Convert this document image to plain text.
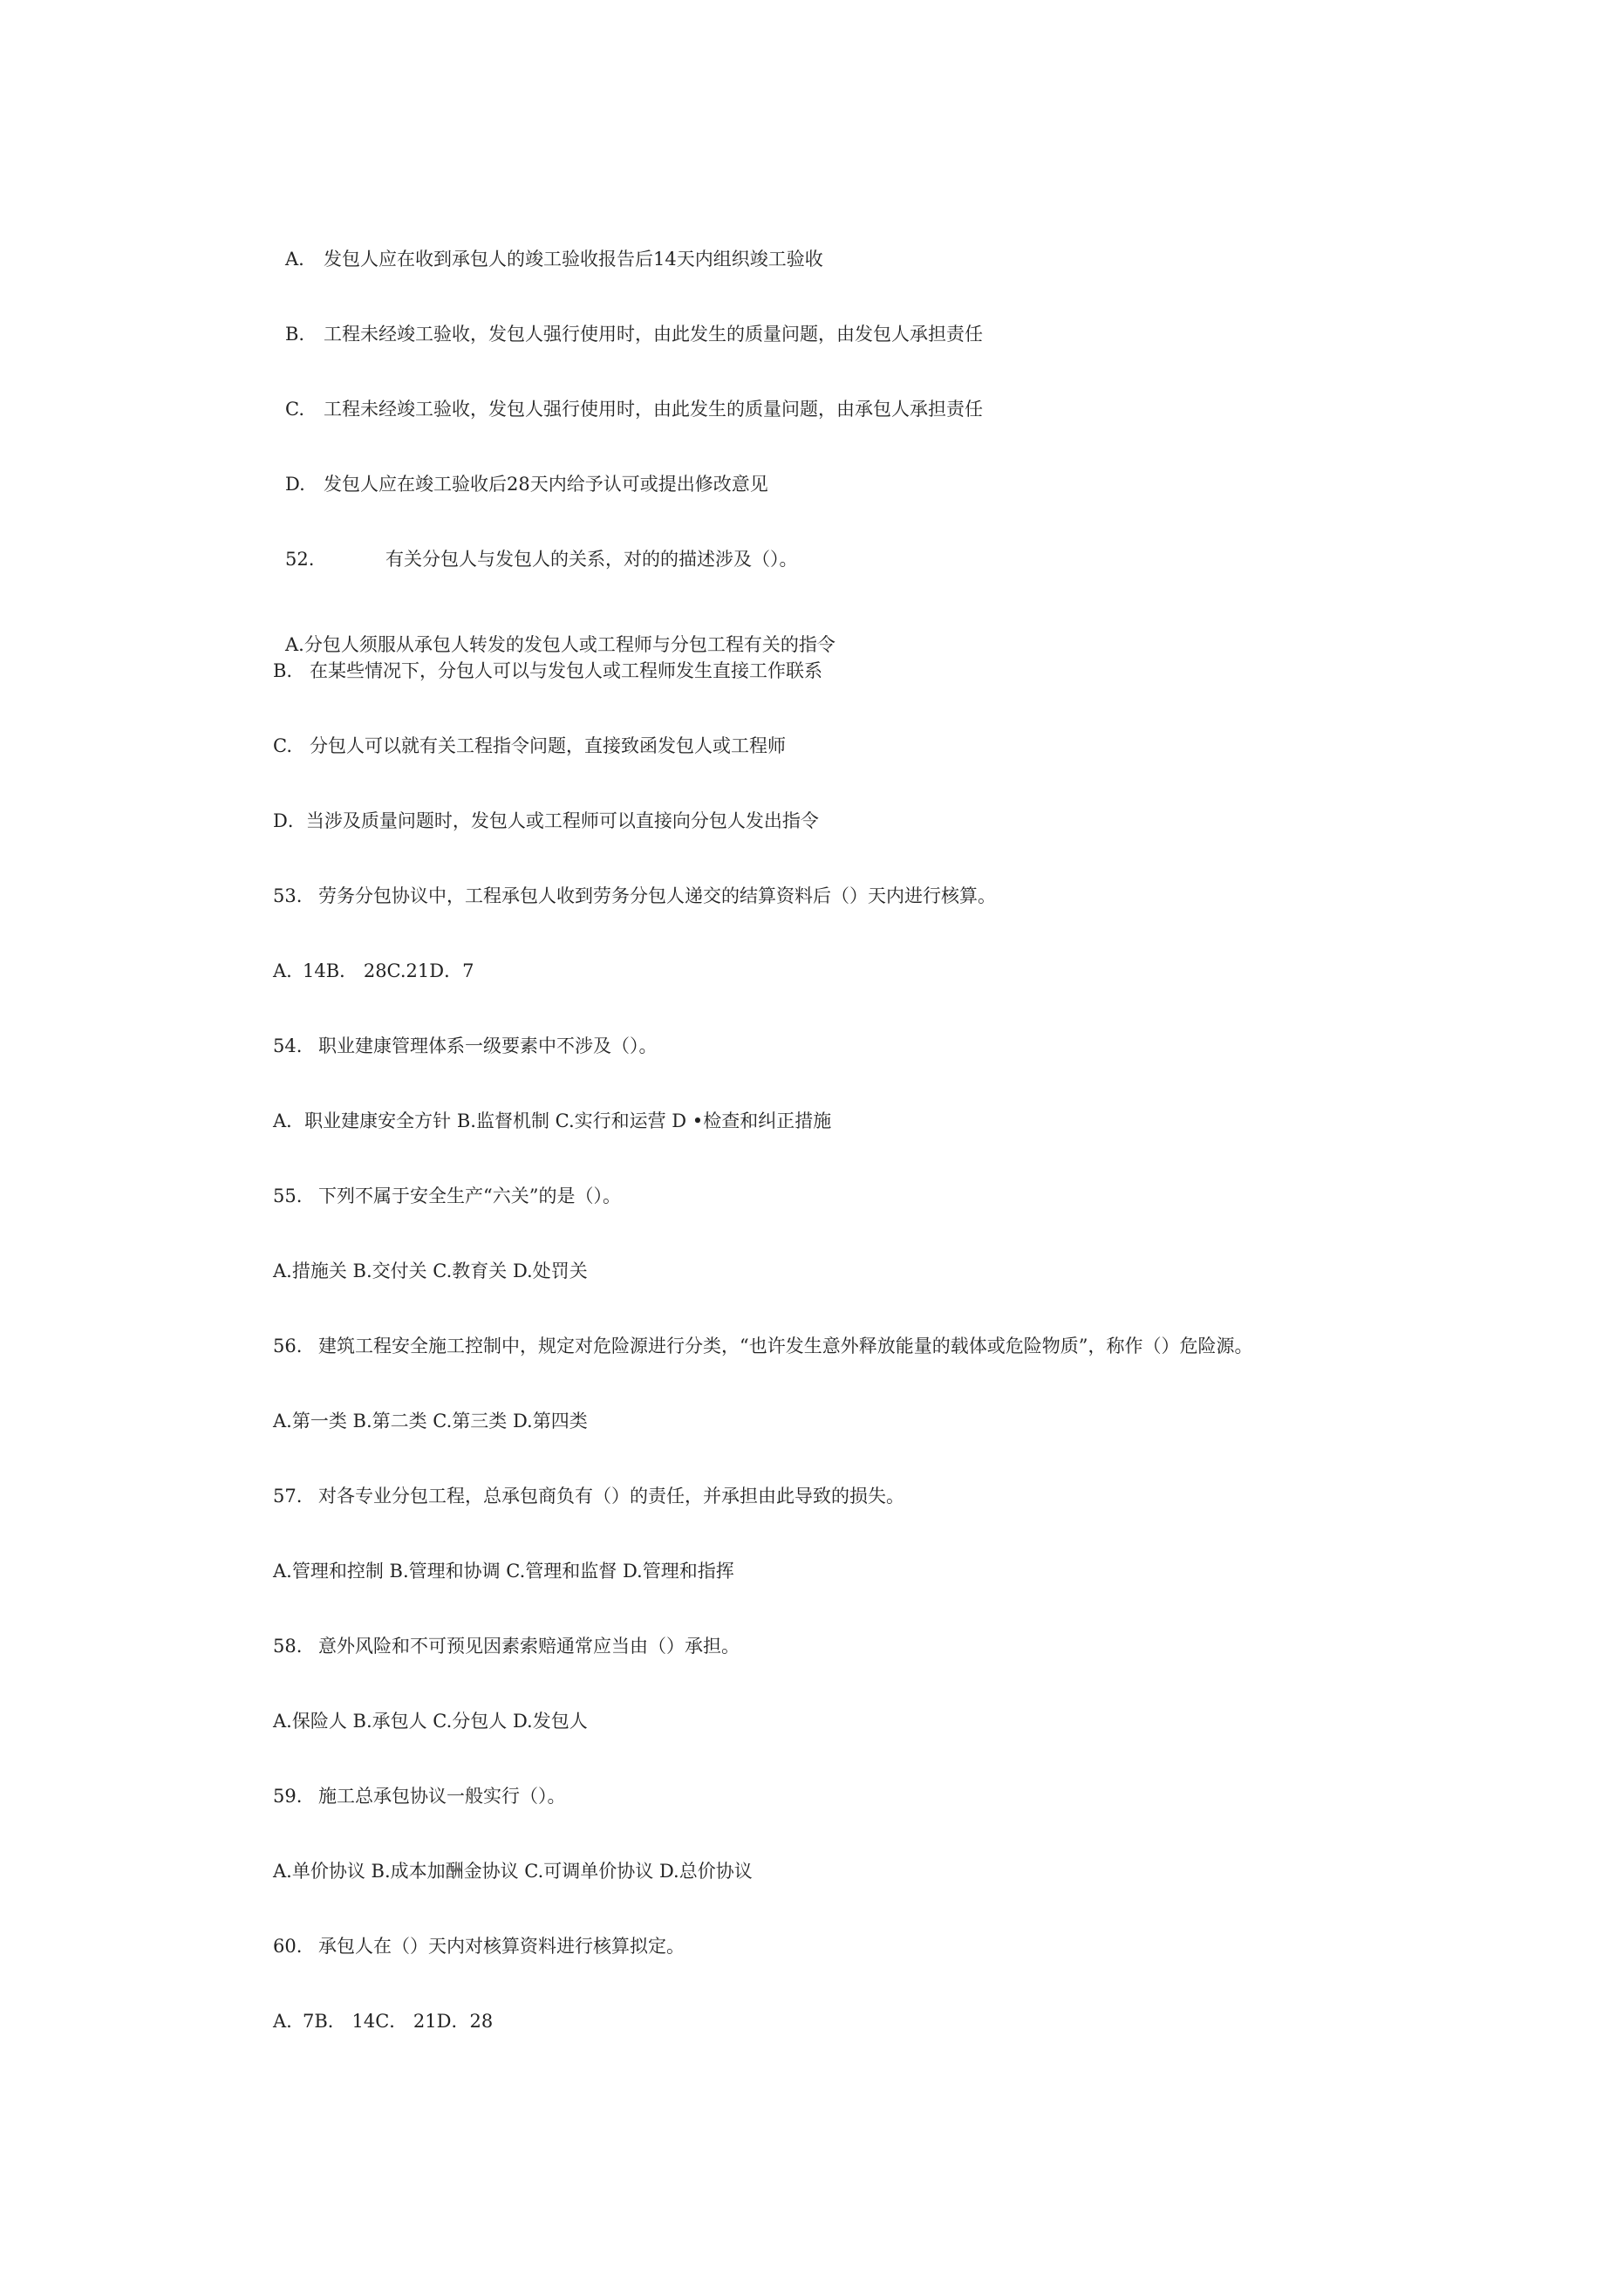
A. 发包人应在收到承包人的竣工验收报告后14天内组织竣工验收
B. 工程未经竣工验收，发包人强行使用时，由此发生的质量问题，由发包人承担责任
C. 工程未经竣工验收，发包人强行使用时，由此发生的质量问题，由承包人承担责任
D. 发包人应在竣工验收后28天内给予认可或提出修改意见
52.	有关分包人与发包人的关系，对的的描述涉及（）。
A.分包人须服从承包人转发的发包人或工程师与分包工程有关的指令
B. 在某些情况下，分包人可以与发包人或工程师发生直接工作联系
C. 分包人可以就有关工程指令问题，直接致函发包人或工程师
D．当涉及质量问题时，发包人或工程师可以直接向分包人发出指令
53. 劳务分包协议中，工程承包人收到劳务分包人递交的结算资料后（）天内进行核算。
A. 14B． 28C.21D．7
54. 职业建康管理体系一级要素中不涉及（）。
A．职业建康安全方针 B.监督机制 C.实行和运营 D •检查和纠正措施
55. 下列不属于安全生产“六关”的是（）。
A.措施关 B.交付关 C.教育关 D.处罚关
56. 建筑工程安全施工控制中，规定对危险源进行分类，“也许发生意外释放能量的载体或危险物质”，称作（）危险源。
A.第一类 B.第二类 C.第三类 D.第四类
57. 对各专业分包工程，总承包商负有（）的责任，并承担由此导致的损失。
A.管理和控制 B.管理和协调 C.管理和监督 D.管理和指挥
58. 意外风险和不可预见因素索赔通常应当由（）承担。
A.保险人 B.承包人 C.分包人 D.发包人
59. 施工总承包协议一般实行（）。
A.单价协议 B.成本加酬金协议 C.可调单价协议 D.总价协议
60. 承包人在（）天内对核算资料进行核算拟定。
A. 7B． 14C． 21D．28
